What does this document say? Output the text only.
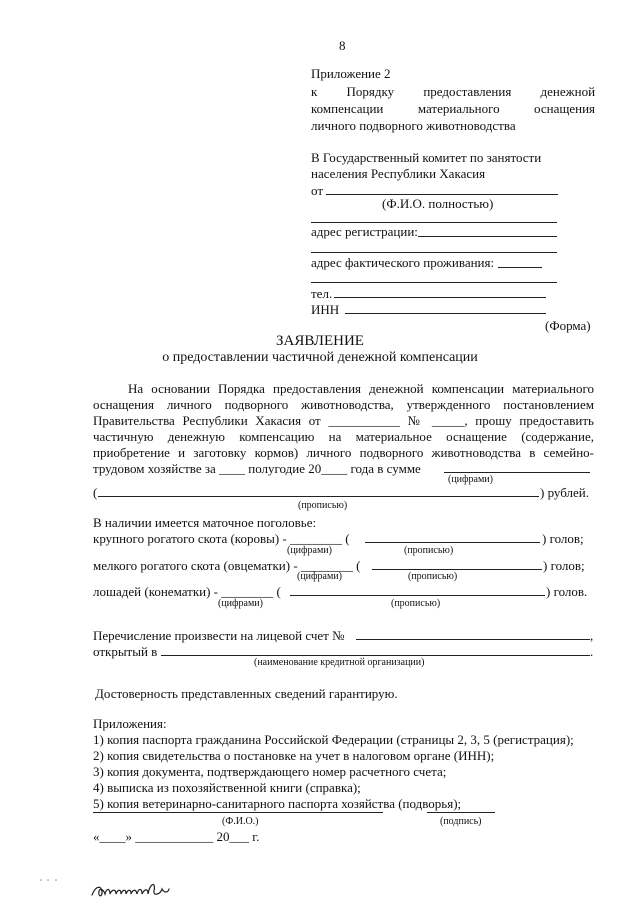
8
Приложение 2
к Порядку предоставления денежной
компенсации	материального	оснащения
личного подворного животноводства
В Государственный комитет по занятости
населения Республики Хакасия
от
(Ф.И.О. полностью)
адрес регистрации:
адрес фактического проживания:
тел.
ИНН
(Форма)
ЗАЯВЛЕНИЕ
о предоставлении частичной денежной компенсации
На основании Порядка предоставления денежной компенсации материального
оснащения личного подворного животноводства, утвержденного постановлением
Правительства Республики Хакасия от ___________ № _____, прошу предоставить
частичную денежную компенсацию на материальное оснащение (содержание,
приобретение и заготовку кормов) личного подворного животноводства в семейно-
трудовом хозяйстве за ____ полугодие 20____ года в сумме
(цифрами)
(	) рублей.
(прописью)
В наличии имеется маточное поголовье:
крупного рогатого скота (коровы) - ________ (	) голов;
(цифрами)	(прописью)
мелкого рогатого скота (овцематки) - ________ (	) голов;
(цифрами)	(прописью)
лошадей (конематки) - ________ (	) голов.
(цифрами)	(прописью)
Перечисление произвести на лицевой счет №	,
открытый в	.
(наименование кредитной организации)
Достоверность представленных сведений гарантирую.
Приложения:
1) копия паспорта гражданина Российской Федерации (страницы 2, 3, 5 (регистрация);
2) копия свидетельства о постановке на учет в налоговом органе (ИНН);
3) копия документа, подтверждающего номер расчетного счета;
4) выписка из похозяйственной книги (справка);
5) копия ветеринарно-санитарного паспорта хозяйства (подворья);
(Ф.И.О.)	(подпись)
«____» ____________ 20___ г.
